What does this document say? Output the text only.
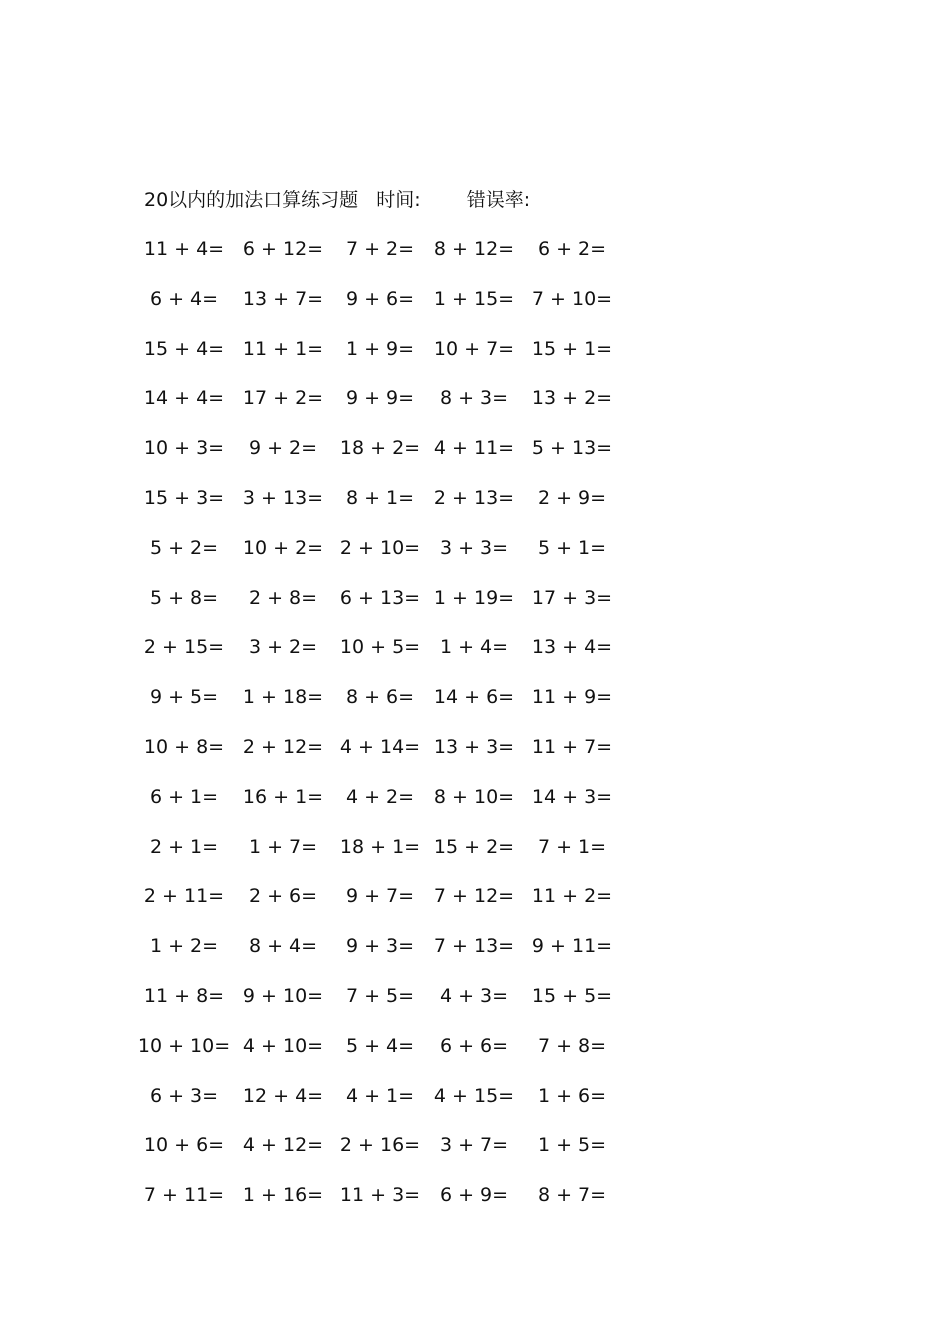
20以内的加法口算练习题 时间: 错误率:
11 + 4= 6 + 12= 7 + 2= 8 + 12= 6 + 2=
6 + 4= 13 + 7= 9 + 6= 1 + 15= 7 + 10=
15 + 4= 11 + 1= 1 + 9= 10 + 7= 15 + 1=
14 + 4= 17 + 2= 9 + 9= 8 + 3= 13 + 2=
10 + 3= 9 + 2= 18 + 2= 4 + 11= 5 + 13=
15 + 3= 3 + 13= 8 + 1= 2 + 13= 2 + 9=
5 + 2= 10 + 2= 2 + 10= 3 + 3= 5 + 1=
5 + 8= 2 + 8= 6 + 13= 1 + 19= 17 + 3=
2 + 15= 3 + 2= 10 + 5= 1 + 4= 13 + 4=
9 + 5= 1 + 18= 8 + 6= 14 + 6= 11 + 9=
10 + 8= 2 + 12= 4 + 14= 13 + 3= 11 + 7=
6 + 1= 16 + 1= 4 + 2= 8 + 10= 14 + 3=
2 + 1= 1 + 7= 18 + 1= 15 + 2= 7 + 1=
2 + 11= 2 + 6= 9 + 7= 7 + 12= 11 + 2=
1 + 2= 8 + 4= 9 + 3= 7 + 13= 9 + 11=
11 + 8= 9 + 10= 7 + 5= 4 + 3= 15 + 5=
10 + 10= 4 + 10= 5 + 4= 6 + 6= 7 + 8=
6 + 3= 12 + 4= 4 + 1= 4 + 15= 1 + 6=
10 + 6= 4 + 12= 2 + 16= 3 + 7= 1 + 5=
7 + 11= 1 + 16= 11 + 3= 6 + 9= 8 + 7=
